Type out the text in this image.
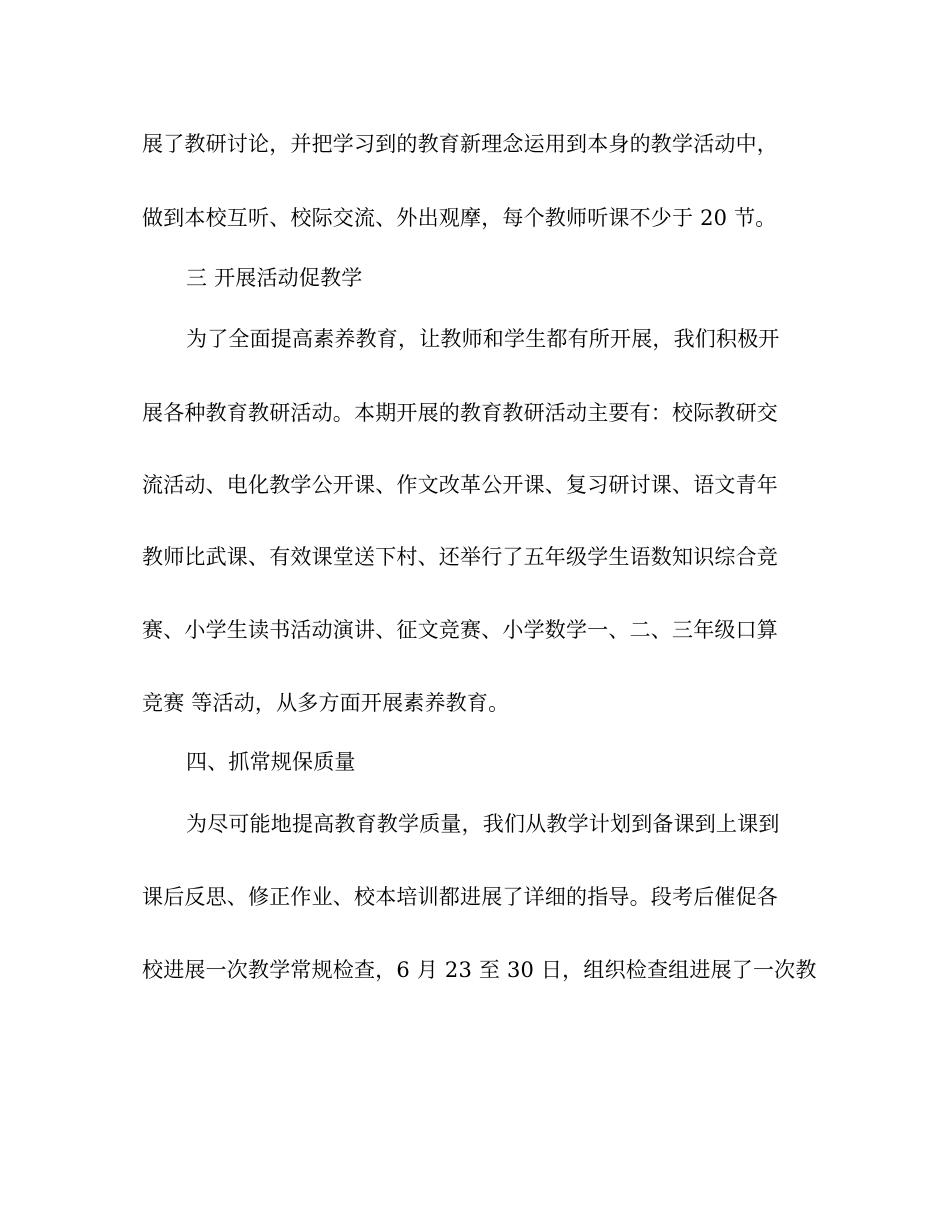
展了教研讨论，并把学习到的教育新理念运用到本身的教学活动中，
做到本校互听、校际交流、外出观摩，每个教师听课不少于 20 节。
三 开展活动促教学
为了全面提高素养教育，让教师和学生都有所开展，我们积极开
展各种教育教研活动。本期开展的教育教研活动主要有：校际教研交
流活动、电化教学公开课、作文改革公开课、复习研讨课、语文青年
教师比武课、有效课堂送下村、还举行了五年级学生语数知识综合竞
赛、小学生读书活动演讲、征文竞赛、小学数学一、二、三年级口算
竞赛 等活动，从多方面开展素养教育。
四、抓常规保质量
为尽可能地提高教育教学质量，我们从教学计划到备课到上课到
课后反思、修正作业、校本培训都进展了详细的指导。段考后催促各
校进展一次教学常规检查，6 月 23 至 30 日，组织检查组进展了一次教
